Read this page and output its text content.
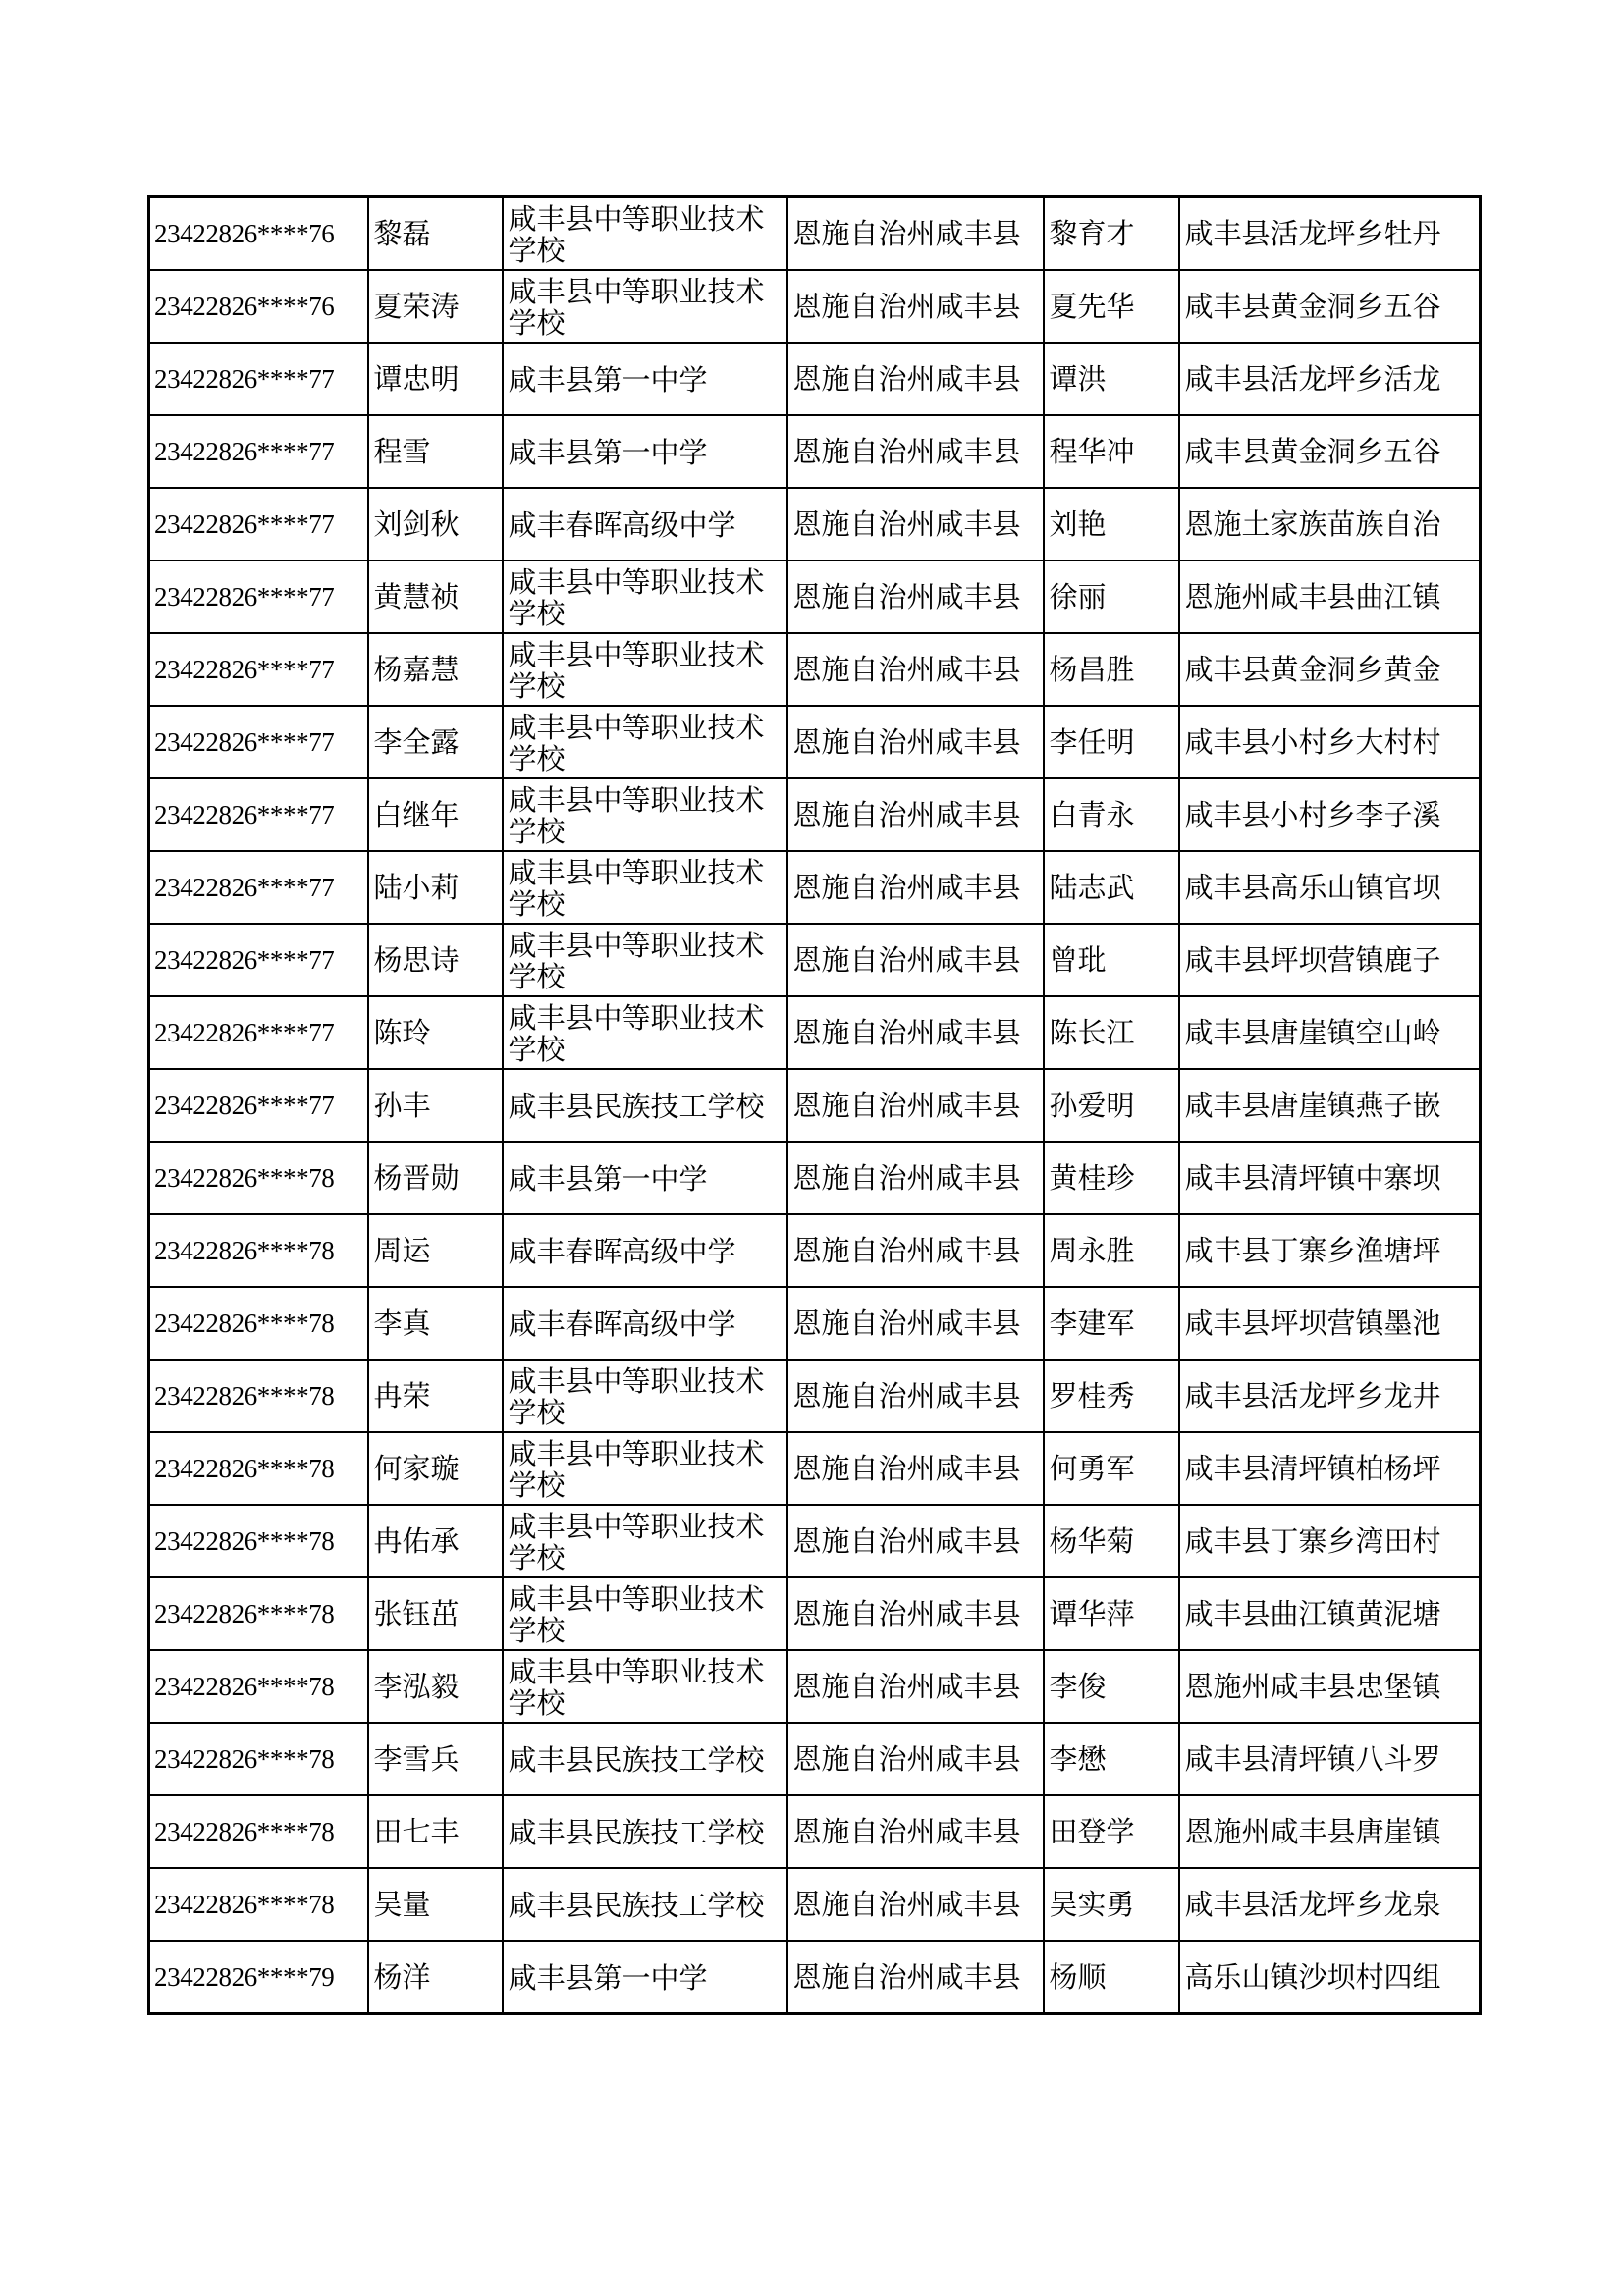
23422826****76	黎磊	咸丰县中等职业技术学校	恩施自治州咸丰县	黎育才	咸丰县活龙坪乡牡丹
23422826****76	夏荣涛	咸丰县中等职业技术学校	恩施自治州咸丰县	夏先华	咸丰县黄金洞乡五谷
23422826****77	谭忠明	咸丰县第一中学	恩施自治州咸丰县	谭洪	咸丰县活龙坪乡活龙
23422826****77	程雪	咸丰县第一中学	恩施自治州咸丰县	程华冲	咸丰县黄金洞乡五谷
23422826****77	刘剑秋	咸丰春晖高级中学	恩施自治州咸丰县	刘艳	恩施土家族苗族自治
23422826****77	黄慧祯	咸丰县中等职业技术学校	恩施自治州咸丰县	徐丽	恩施州咸丰县曲江镇
23422826****77	杨嘉慧	咸丰县中等职业技术学校	恩施自治州咸丰县	杨昌胜	咸丰县黄金洞乡黄金
23422826****77	李全露	咸丰县中等职业技术学校	恩施自治州咸丰县	李任明	咸丰县小村乡大村村
23422826****77	白继年	咸丰县中等职业技术学校	恩施自治州咸丰县	白青永	咸丰县小村乡李子溪
23422826****77	陆小莉	咸丰县中等职业技术学校	恩施自治州咸丰县	陆志武	咸丰县高乐山镇官坝
23422826****77	杨思诗	咸丰县中等职业技术学校	恩施自治州咸丰县	曾玭	咸丰县坪坝营镇鹿子
23422826****77	陈玲	咸丰县中等职业技术学校	恩施自治州咸丰县	陈长江	咸丰县唐崖镇空山岭
23422826****77	孙丰	咸丰县民族技工学校	恩施自治州咸丰县	孙爱明	咸丰县唐崖镇燕子嵌
23422826****78	杨晋勋	咸丰县第一中学	恩施自治州咸丰县	黄桂珍	咸丰县清坪镇中寨坝
23422826****78	周运	咸丰春晖高级中学	恩施自治州咸丰县	周永胜	咸丰县丁寨乡渔塘坪
23422826****78	李真	咸丰春晖高级中学	恩施自治州咸丰县	李建军	咸丰县坪坝营镇墨池
23422826****78	冉荣	咸丰县中等职业技术学校	恩施自治州咸丰县	罗桂秀	咸丰县活龙坪乡龙井
23422826****78	何家璇	咸丰县中等职业技术学校	恩施自治州咸丰县	何勇军	咸丰县清坪镇柏杨坪
23422826****78	冉佑承	咸丰县中等职业技术学校	恩施自治州咸丰县	杨华菊	咸丰县丁寨乡湾田村
23422826****78	张钰茁	咸丰县中等职业技术学校	恩施自治州咸丰县	谭华萍	咸丰县曲江镇黄泥塘
23422826****78	李泓毅	咸丰县中等职业技术学校	恩施自治州咸丰县	李俊	恩施州咸丰县忠堡镇
23422826****78	李雪兵	咸丰县民族技工学校	恩施自治州咸丰县	李懋	咸丰县清坪镇八斗罗
23422826****78	田七丰	咸丰县民族技工学校	恩施自治州咸丰县	田登学	恩施州咸丰县唐崖镇
23422826****78	吴量	咸丰县民族技工学校	恩施自治州咸丰县	吴实勇	咸丰县活龙坪乡龙泉
23422826****79	杨洋	咸丰县第一中学	恩施自治州咸丰县	杨顺	高乐山镇沙坝村四组
